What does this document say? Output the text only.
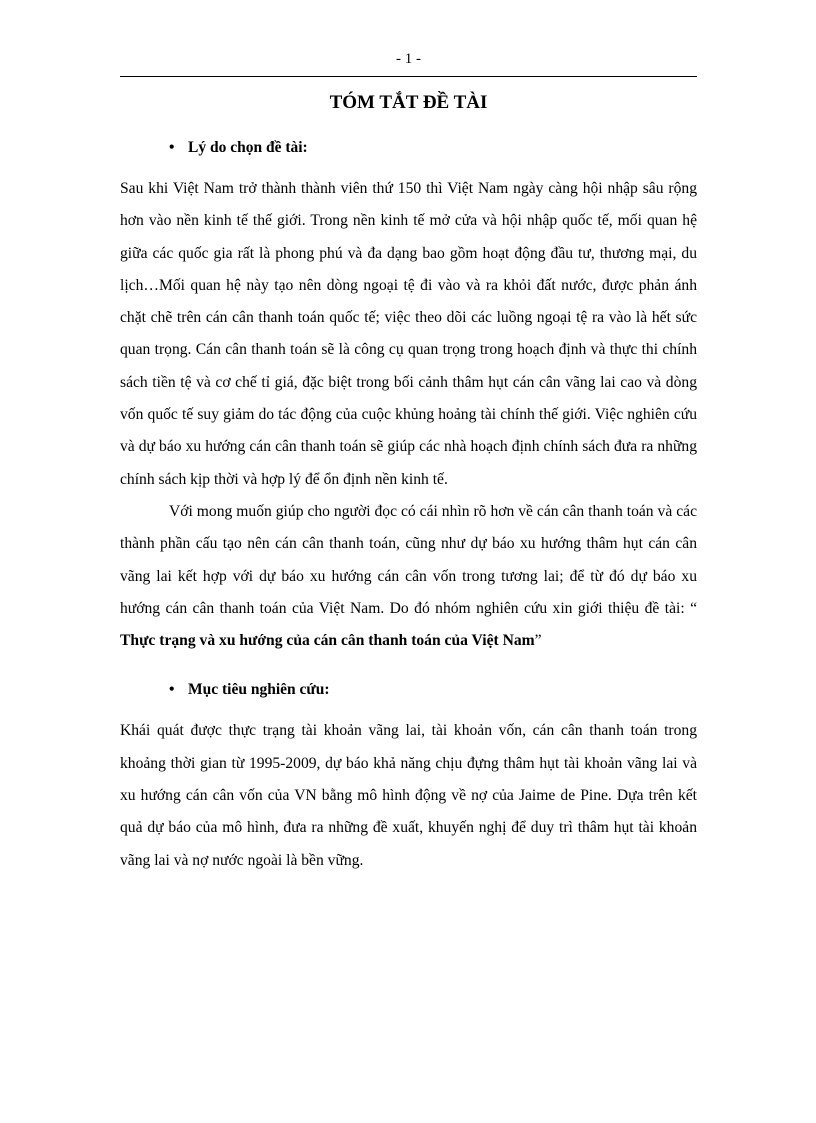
- 1 -
TÓM TẮT ĐỀ TÀI
• Lý do chọn đề tài:

Sau khi Việt Nam trở thành thành viên thứ 150 thì Việt Nam ngày càng hội nhập sâu rộng hơn vào nền kinh tế thế giới. Trong nền kinh tế mở cửa và hội nhập quốc tế, mối quan hệ giữa các quốc gia rất là phong phú và đa dạng bao gồm hoạt động đầu tư, thương mại, du lịch…Mối quan hệ này tạo nên dòng ngoại tệ đi vào và ra khỏi đất nước, được phản ánh chặt chẽ trên cán cân thanh toán quốc tế; việc theo dõi các luồng ngoại tệ ra vào là hết sức quan trọng. Cán cân thanh toán sẽ là công cụ quan trọng trong hoạch định và thực thi chính sách tiền tệ và cơ chế tỉ giá, đặc biệt trong bối cảnh thâm hụt cán cân vãng lai cao và dòng vốn quốc tế suy giảm do tác động của cuộc khủng hoảng tài chính thế giới. Việc nghiên cứu và dự báo xu hướng cán cân thanh toán sẽ giúp các nhà hoạch định chính sách đưa ra những chính sách kịp thời và hợp lý để ổn định nền kinh tế.

Với mong muốn giúp cho người đọc có cái nhìn rõ hơn về cán cân thanh toán và các thành phần cấu tạo nên cán cân thanh toán, cũng như dự báo xu hướng thâm hụt cán cân vãng lai kết hợp với dự báo xu hướng cán cân vốn trong tương lai; để từ đó dự báo xu hướng cán cân thanh toán của Việt Nam. Do đó nhóm nghiên cứu xin giới thiệu đề tài: “ Thực trạng và xu hướng của cán cân thanh toán của Việt Nam”

• Mục tiêu nghiên cứu:

Khái quát được thực trạng tài khoản vãng lai, tài khoản vốn, cán cân thanh toán trong khoảng thời gian từ 1995-2009, dự báo khả năng chịu đựng thâm hụt tài khoản vãng lai và xu hướng cán cân vốn của VN bằng mô hình động về nợ của Jaime de Pine. Dựa trên kết quả dự báo của mô hình, đưa ra những đề xuất, khuyến nghị để duy trì thâm hụt tài khoản vãng lai và nợ nước ngoài là bền vững.
